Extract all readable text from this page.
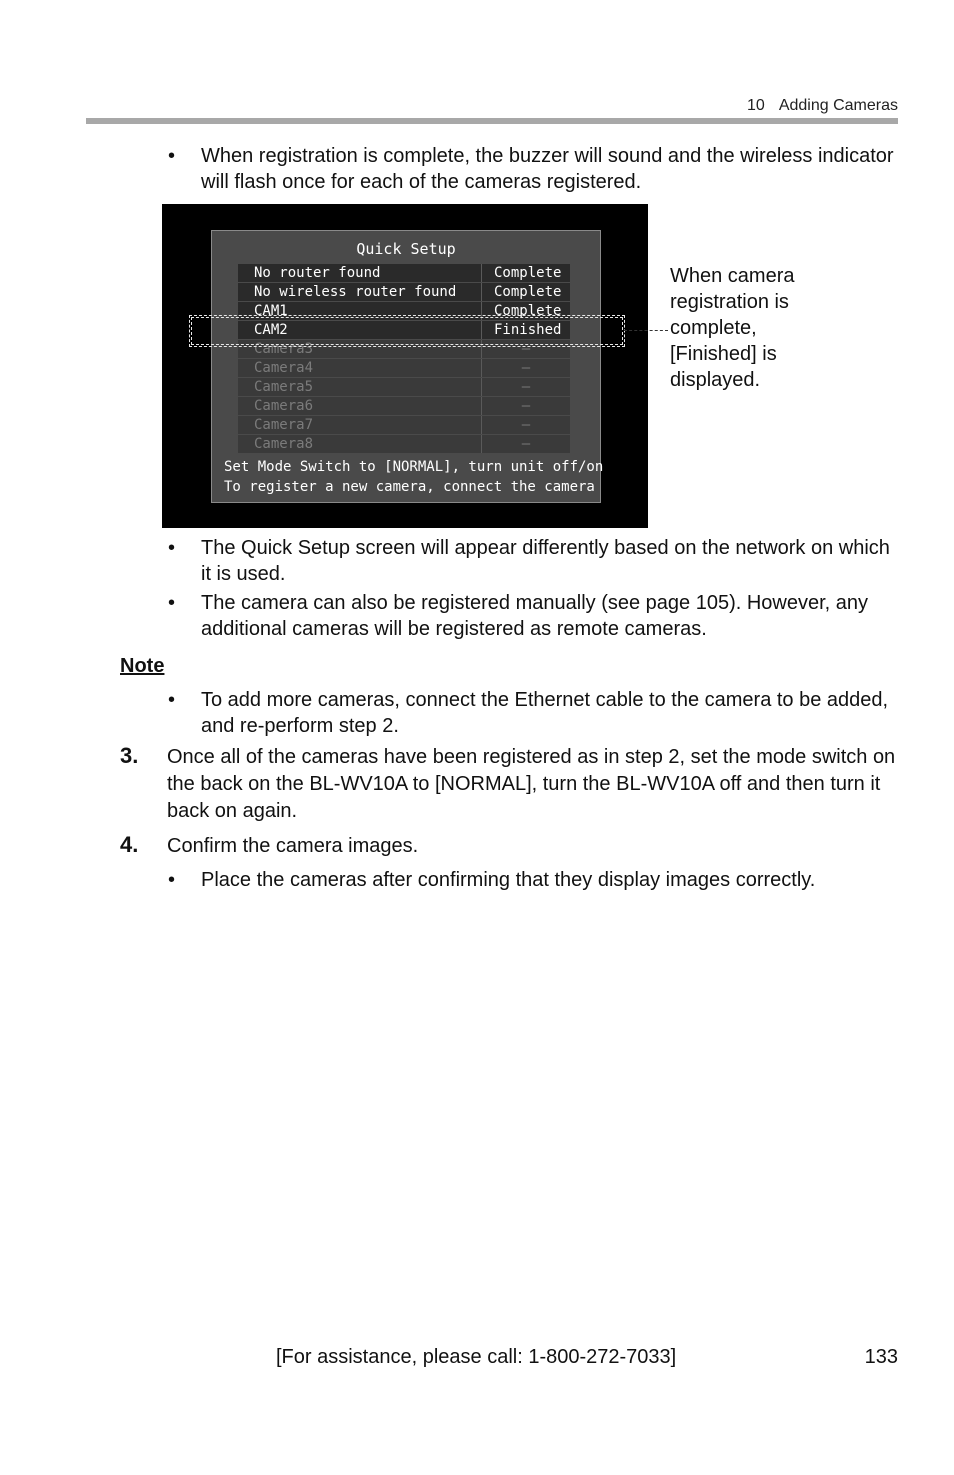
10 Adding Cameras
•	When registration is complete, the buzzer will sound and the wireless indicator will flash once for each of the cameras registered.
Quick Setup
No router found	Complete
No wireless router found	Complete
CAM1	Complete
CAM2	Finished
Camera3	–
Camera4	–
Camera5	–
Camera6	–
Camera7	–
Camera8	–
Set Mode Switch to [NORMAL], turn unit off/on
To register a new camera, connect the camera
When camera registration is complete, [Finished] is displayed.
•	The Quick Setup screen will appear differently based on the network on which it is used.
•	The camera can also be registered manually (see page 105). However, any additional cameras will be registered as remote cameras.
Note
•	To add more cameras, connect the Ethernet cable to the camera to be added, and re-perform step 2.
3. Once all of the cameras have been registered as in step 2, set the mode switch on the back on the BL-WV10A to [NORMAL], turn the BL-WV10A off and then turn it back on again.
4. Confirm the camera images.
•	Place the cameras after confirming that they display images correctly.
[For assistance, please call: 1-800-272-7033]	133
